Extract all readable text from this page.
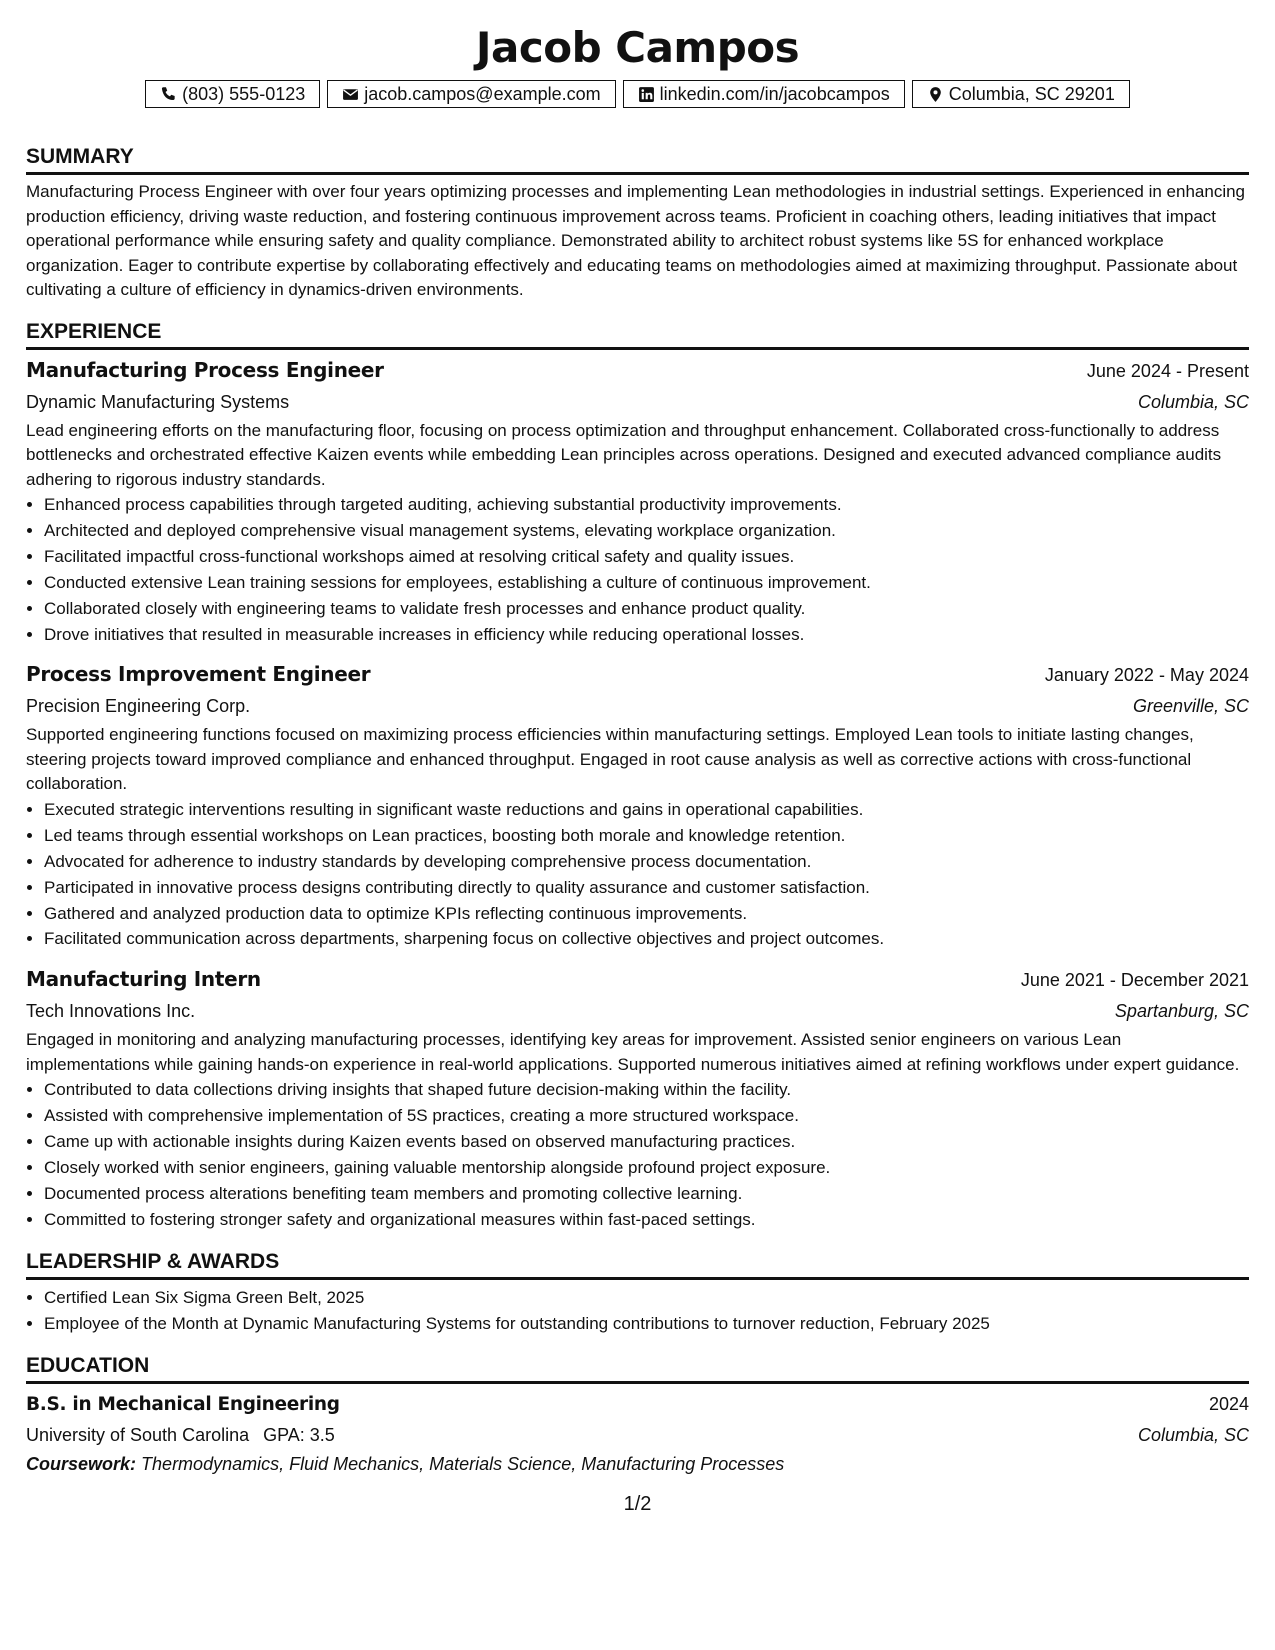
Jacob Campos
(803) 555-0123	jacob.campos@example.com	linkedin.com/in/jacobcampos	Columbia, SC 29201
SUMMARY

Manufacturing Process Engineer with over four years optimizing processes and implementing Lean methodologies in industrial settings. Experienced in enhancing production efficiency, driving waste reduction, and fostering continuous improvement across teams. Proficient in coaching others, leading initiatives that impact operational performance while ensuring safety and quality compliance. Demonstrated ability to architect robust systems like 5S for enhanced workplace organization. Eager to contribute expertise by collaborating effectively and educating teams on methodologies aimed at maximizing throughput. Passionate about cultivating a culture of efficiency in dynamics-driven environments.

EXPERIENCE
Manufacturing Process Engineer	June 2024 - Present
Dynamic Manufacturing Systems	Columbia, SC

Lead engineering efforts on the manufacturing floor, focusing on process optimization and throughput enhancement. Collaborated cross-functionally to address bottlenecks and orchestrated effective Kaizen events while embedding Lean principles across operations. Designed and executed advanced compliance audits adhering to rigorous industry standards.

• Enhanced process capabilities through targeted auditing, achieving substantial productivity improvements.
• Architected and deployed comprehensive visual management systems, elevating workplace organization.
• Facilitated impactful cross-functional workshops aimed at resolving critical safety and quality issues.
• Conducted extensive Lean training sessions for employees, establishing a culture of continuous improvement.
• Collaborated closely with engineering teams to validate fresh processes and enhance product quality.
• Drove initiatives that resulted in measurable increases in efficiency while reducing operational losses.
Process Improvement Engineer	January 2022 - May 2024
Precision Engineering Corp.	Greenville, SC

Supported engineering functions focused on maximizing process efficiencies within manufacturing settings. Employed Lean tools to initiate lasting changes, steering projects toward improved compliance and enhanced throughput. Engaged in root cause analysis as well as corrective actions with cross-functional collaboration.

• Executed strategic interventions resulting in significant waste reductions and gains in operational capabilities.
• Led teams through essential workshops on Lean practices, boosting both morale and knowledge retention.
• Advocated for adherence to industry standards by developing comprehensive process documentation.
• Participated in innovative process designs contributing directly to quality assurance and customer satisfaction.
• Gathered and analyzed production data to optimize KPIs reflecting continuous improvements.
• Facilitated communication across departments, sharpening focus on collective objectives and project outcomes.
Manufacturing Intern	June 2021 - December 2021
Tech Innovations Inc.	Spartanburg, SC

Engaged in monitoring and analyzing manufacturing processes, identifying key areas for improvement. Assisted senior engineers on various Lean implementations while gaining hands-on experience in real-world applications. Supported numerous initiatives aimed at refining workflows under expert guidance.

• Contributed to data collections driving insights that shaped future decision-making within the facility.
• Assisted with comprehensive implementation of 5S practices, creating a more structured workspace.
• Came up with actionable insights during Kaizen events based on observed manufacturing practices.
• Closely worked with senior engineers, gaining valuable mentorship alongside profound project exposure.
• Documented process alterations benefiting team members and promoting collective learning.
• Committed to fostering stronger safety and organizational measures within fast-paced settings.
LEADERSHIP & AWARDS
• Certified Lean Six Sigma Green Belt, 2025
• Employee of the Month at Dynamic Manufacturing Systems for outstanding contributions to turnover reduction, February 2025
EDUCATION
B.S. in Mechanical Engineering	2024
University of South Carolina GPA: 3.5	Columbia, SC
Coursework: Thermodynamics, Fluid Mechanics, Materials Science, Manufacturing Processes
1/2
